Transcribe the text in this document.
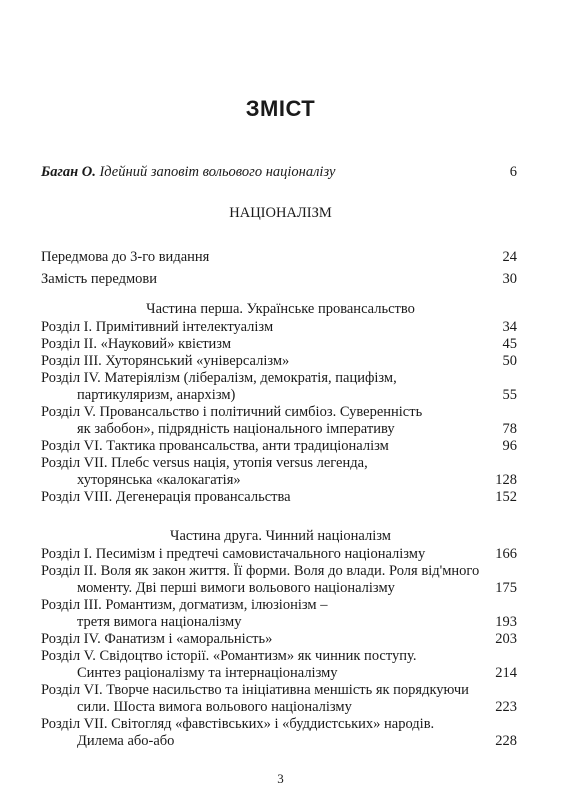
ЗМІСТ
Баган О. Ідейний заповіт вольового націоналізу	6
НАЦІОНАЛІЗМ
Передмова до 3-го видання	24
Замість передмови	30
Частина перша. Українське провансальство
Розділ І. Примітивний інтелектуалізм	34
Розділ ІІ. «Науковий» квієтизм	45
Розділ ІІІ. Хуторянський «універсалізм»	50
Розділ IV. Матеріялізм (лібералізм, демократія, пацифізм,
партикуляризм, анархізм)	55
Розділ V. Провансальство і політичний симбіоз. Суверенність
як забобон», підрядність національного імперативу	78
Розділ VI. Тактика провансальства, анти традиціоналізм	96
Розділ VII. Плебс versus нація, утопія versus легенда,
хуторянська «калокагатія»	128
Розділ VIII. Дегенерація провансальства	152
Частина друга. Чинний націоналізм
Розділ І. Песимізм і предтечі самовистачального націоналізму	166
Розділ ІІ. Воля як закон життя. Її форми. Воля до влади. Роля від'много
моменту. Дві перші вимоги вольового націоналізму	175
Розділ ІІІ. Романтизм, догматизм, ілюзіонізм –
третя вимога націоналізму	193
Розділ IV. Фанатизм і «аморальність»	203
Розділ V. Свідоцтво історії. «Романтизм» як чинник поступу.
Синтез раціоналізму та інтернаціоналізму	214
Розділ VI. Творче насильство та ініціативна меншість як порядкуючи
сили. Шоста вимога вольового націоналізму	223
Розділ VII. Світогляд «фавстівських» і «буддистських» народів.
Дилема або-або	228
3
